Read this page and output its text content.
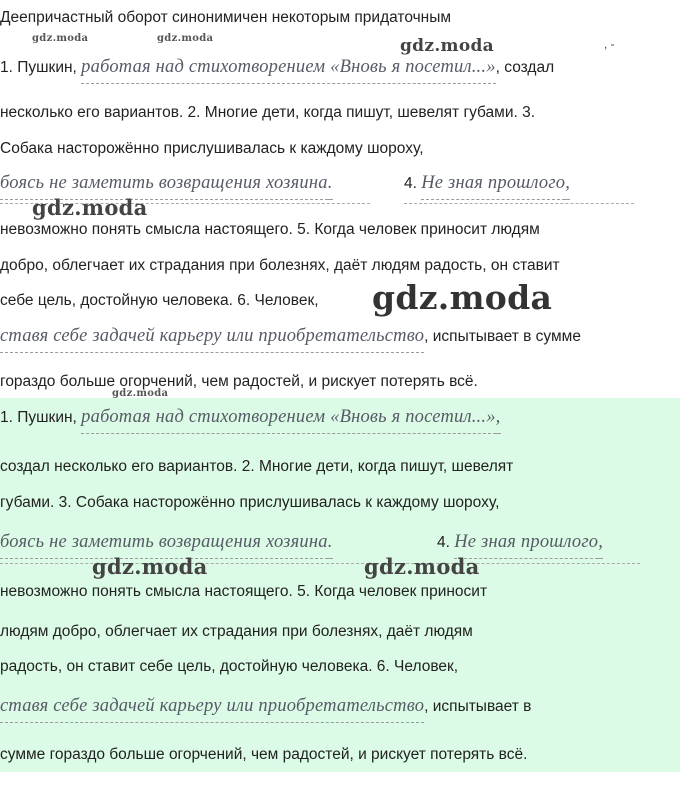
Деепричастный оборот синонимичен некоторым придаточным
1. Пушкин, работая над стихотворением «Вновь я посетил...», создал
несколько его вариантов. 2. Многие дети, когда пишут, шевелят губами. 3.
Собака насторожённо прислушивалась к каждому шороху,
боясь не заметить возвращения хозяина.	4. Не зная прошлого,
невозможно понять смысла настоящего. 5. Когда человек приносит людям
добро, облегчает их страдания при болезнях, даёт людям радость, он ставит
себе цель, достойную человека. 6. Человек,
ставя себе задачей карьеру или приобретательство, испытывает в сумме
гораздо больше огорчений, чем радостей, и рискует потерять всё.
, -
1. Пушкин, работая над стихотворением «Вновь я посетил...»,
создал несколько его вариантов. 2. Многие дети, когда пишут, шевелят
губами. 3. Собака насторожённо прислушивалась к каждому шороху,
боясь не заметить возвращения хозяина.	4. Не зная прошлого,
невозможно понять смысла настоящего. 5. Когда человек приносит
людям добро, облегчает их страдания при болезнях, даёт людям
радость, он ставит себе цель, достойную человека. 6. Человек,
ставя себе задачей карьеру или приобретательство, испытывает в
сумме гораздо больше огорчений, чем радостей, и рискует потерять всё.
gdz.moda	gdz.moda	gdz.moda
gdz.moda
gdz.moda
gdz.moda
gdz.moda	gdz.moda
